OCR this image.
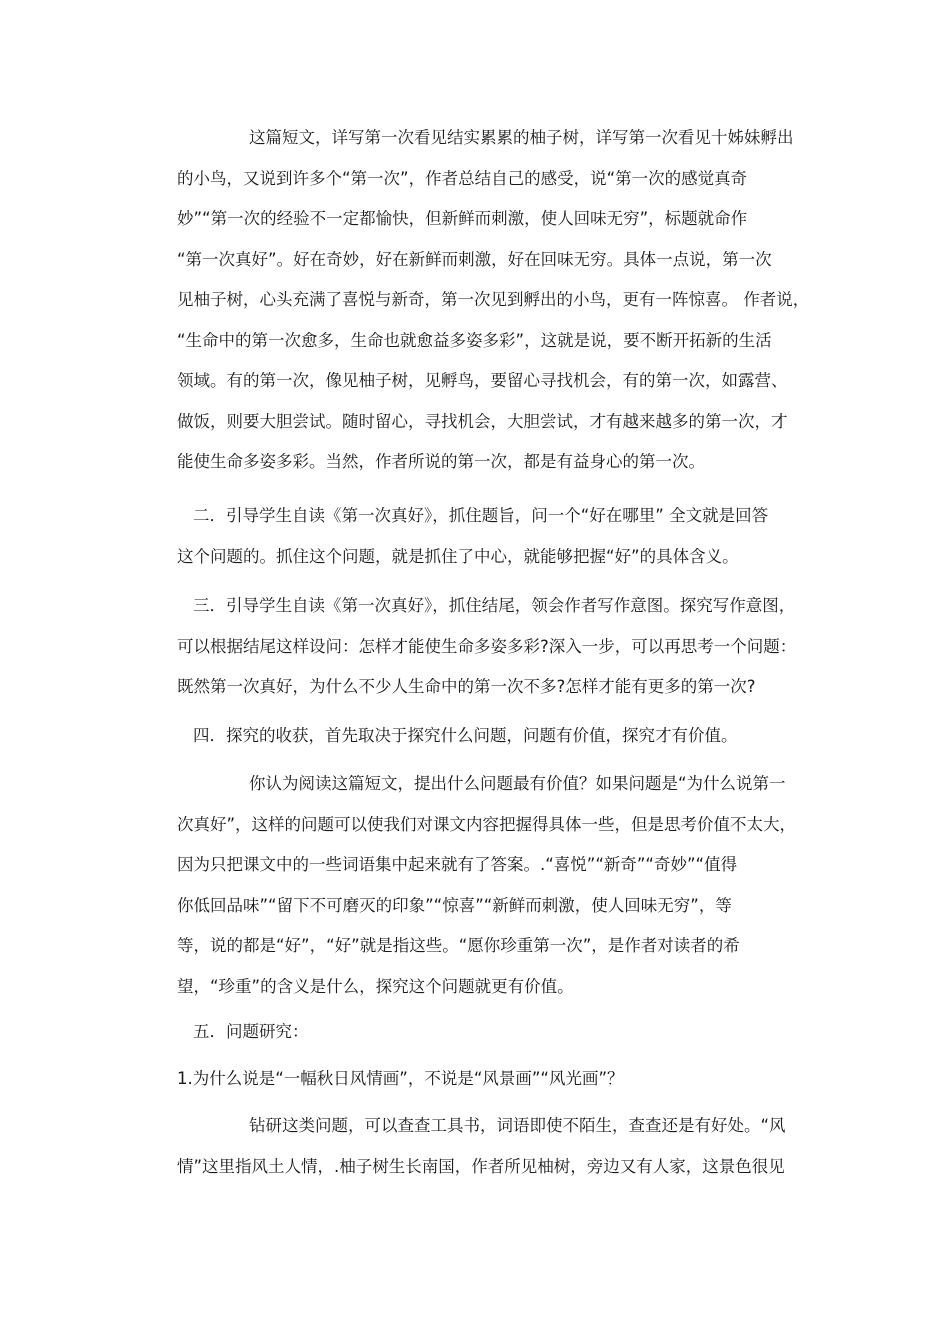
这篇短文，详写第一次看见结实累累的柚子树，详写第一次看见十姊妹孵出
的小鸟，又说到许多个“第一次”，作者总结自己的感受，说“第一次的感觉真奇
妙”“第一次的经验不一定都愉快，但新鲜而刺激，使人回味无穷”，标题就命作
“第一次真好”。好在奇妙，好在新鲜而刺激，好在回味无穷。具体一点说，第一次
见柚子树，心头充满了喜悦与新奇，第一次见到孵出的小鸟，更有一阵惊喜。 作者说，
“生命中的第一次愈多，生命也就愈益多姿多彩”，这就是说，要不断开拓新的生活
领域。有的第一次，像见柚子树，见孵鸟，要留心寻找机会，有的第一次，如露营、
做饭，则要大胆尝试。随时留心，寻找机会，大胆尝试，才有越来越多的第一次，才
能使生命多姿多彩。当然，作者所说的第一次，都是有益身心的第一次。
二．引导学生自读《第一次真好》，抓住题旨，问一个“好在哪里” 全文就是回答
这个问题的。抓住这个问题，就是抓住了中心，就能够把握“好”的具体含义。
三．引导学生自读《第一次真好》，抓住结尾，领会作者写作意图。探究写作意图，
可以根据结尾这样设问：怎样才能使生命多姿多彩?深入一步，可以再思考一个问题：
既然第一次真好，为什么不少人生命中的第一次不多?怎样才能有更多的第一次?
四．探究的收获，首先取决于探究什么问题，问题有价值，探究才有价值。
你认为阅读这篇短文，提出什么问题最有价值？如果问题是“为什么说第一
次真好”，这样的问题可以使我们对课文内容把握得具体一些，但是思考价值不太大，
因为只把课文中的一些词语集中起来就有了答案。.“喜悦”“新奇”“奇妙”“值得
你低回品味”“留下不可磨灭的印象”“惊喜”“新鲜而刺激，使人回味无穷”，等
等，说的都是“好”，“好”就是指这些。“愿你珍重第一次”，是作者对读者的希
望，“珍重”的含义是什么，探究这个问题就更有价值。
五．问题研究：
1.为什么说是“一幅秋日风情画”，不说是“风景画”“风光画”？
钻研这类问题，可以查查工具书，词语即使不陌生，查查还是有好处。“风
情”这里指风土人情，.柚子树生长南国，作者所见柚树，旁边又有人家，这景色很见
